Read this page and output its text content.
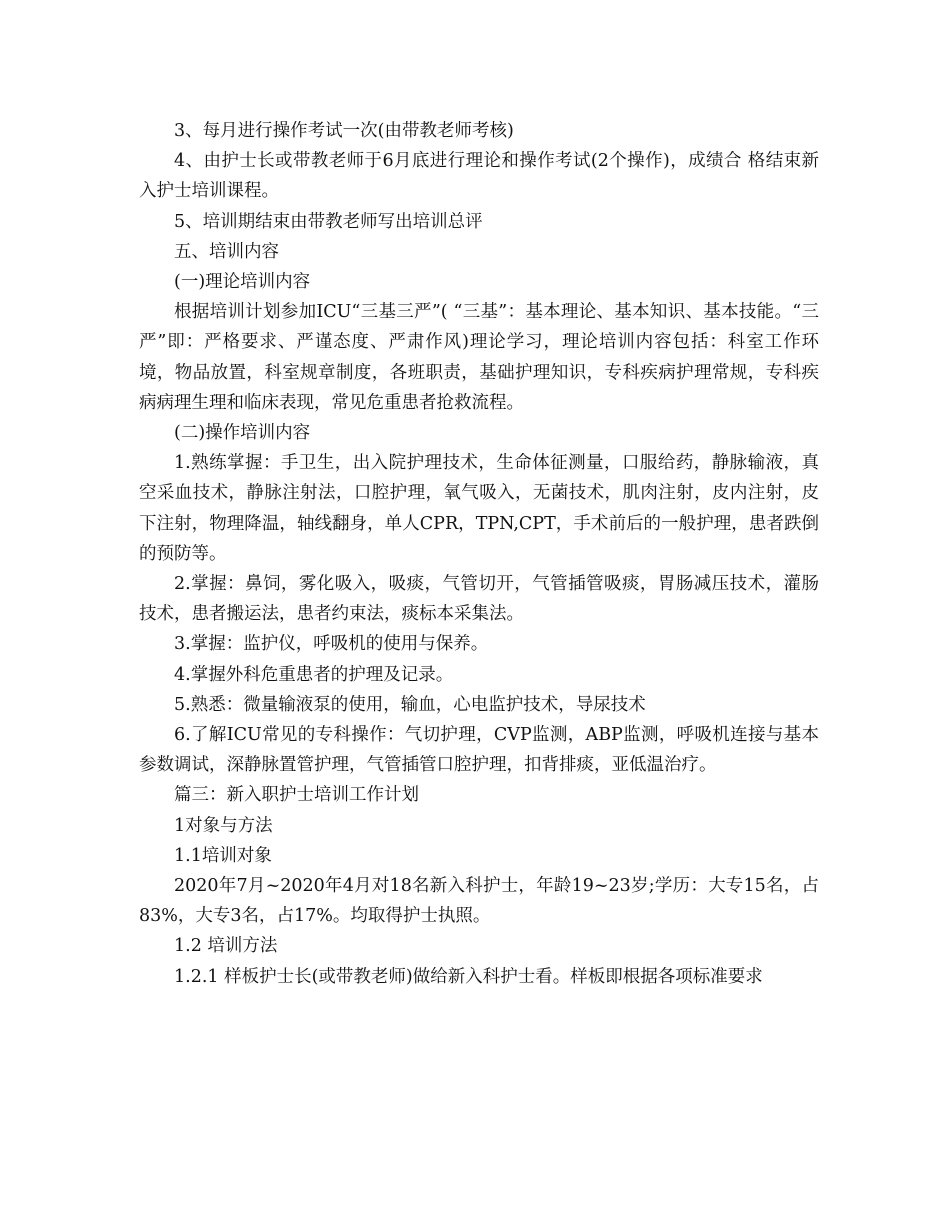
3、每月进行操作考试一次(由带教老师考核)

4、由护士长或带教老师于6月底进行理论和操作考试(2个操作)，成绩合 格结束新入护士培训课程。

5、培训期结束由带教老师写出培训总评

五、培训内容

(一)理论培训内容

根据培训计划参加ICU“三基三严”( “三基”：基本理论、基本知识、基本技能。“三严”即：严格要求、严谨态度、严肃作风)理论学习，理论培训内容包括：科室工作环境，物品放置，科室规章制度，各班职责，基础护理知识，专科疾病护理常规，专科疾病病理生理和临床表现，常见危重患者抢救流程。

(二)操作培训内容

1.熟练掌握：手卫生，出入院护理技术，生命体征测量，口服给药，静脉输液，真空采血技术，静脉注射法，口腔护理，氧气吸入，无菌技术，肌肉注射，皮内注射，皮下注射，物理降温，轴线翻身，单人CPR，TPN,CPT，手术前后的一般护理，患者跌倒的预防等。

2.掌握：鼻饲，雾化吸入，吸痰，气管切开，气管插管吸痰，胃肠减压技术，灌肠技术，患者搬运法，患者约束法，痰标本采集法。

3.掌握：监护仪，呼吸机的使用与保养。

4.掌握外科危重患者的护理及记录。

5.熟悉：微量输液泵的使用，输血，心电监护技术，导尿技术

6.了解ICU常见的专科操作：气切护理，CVP监测，ABP监测，呼吸机连接与基本参数调试，深静脉置管护理，气管插管口腔护理，扣背排痰，亚低温治疗。

篇三：新入职护士培训工作计划

1对象与方法

1.1培训对象

2020年7月~2020年4月对18名新入科护士，年龄19~23岁;学历：大专15名，占83%，大专3名，占17%。均取得护士执照。

1.2 培训方法

1.2.1 样板护士长(或带教老师)做给新入科护士看。样板即根据各项标准要求
